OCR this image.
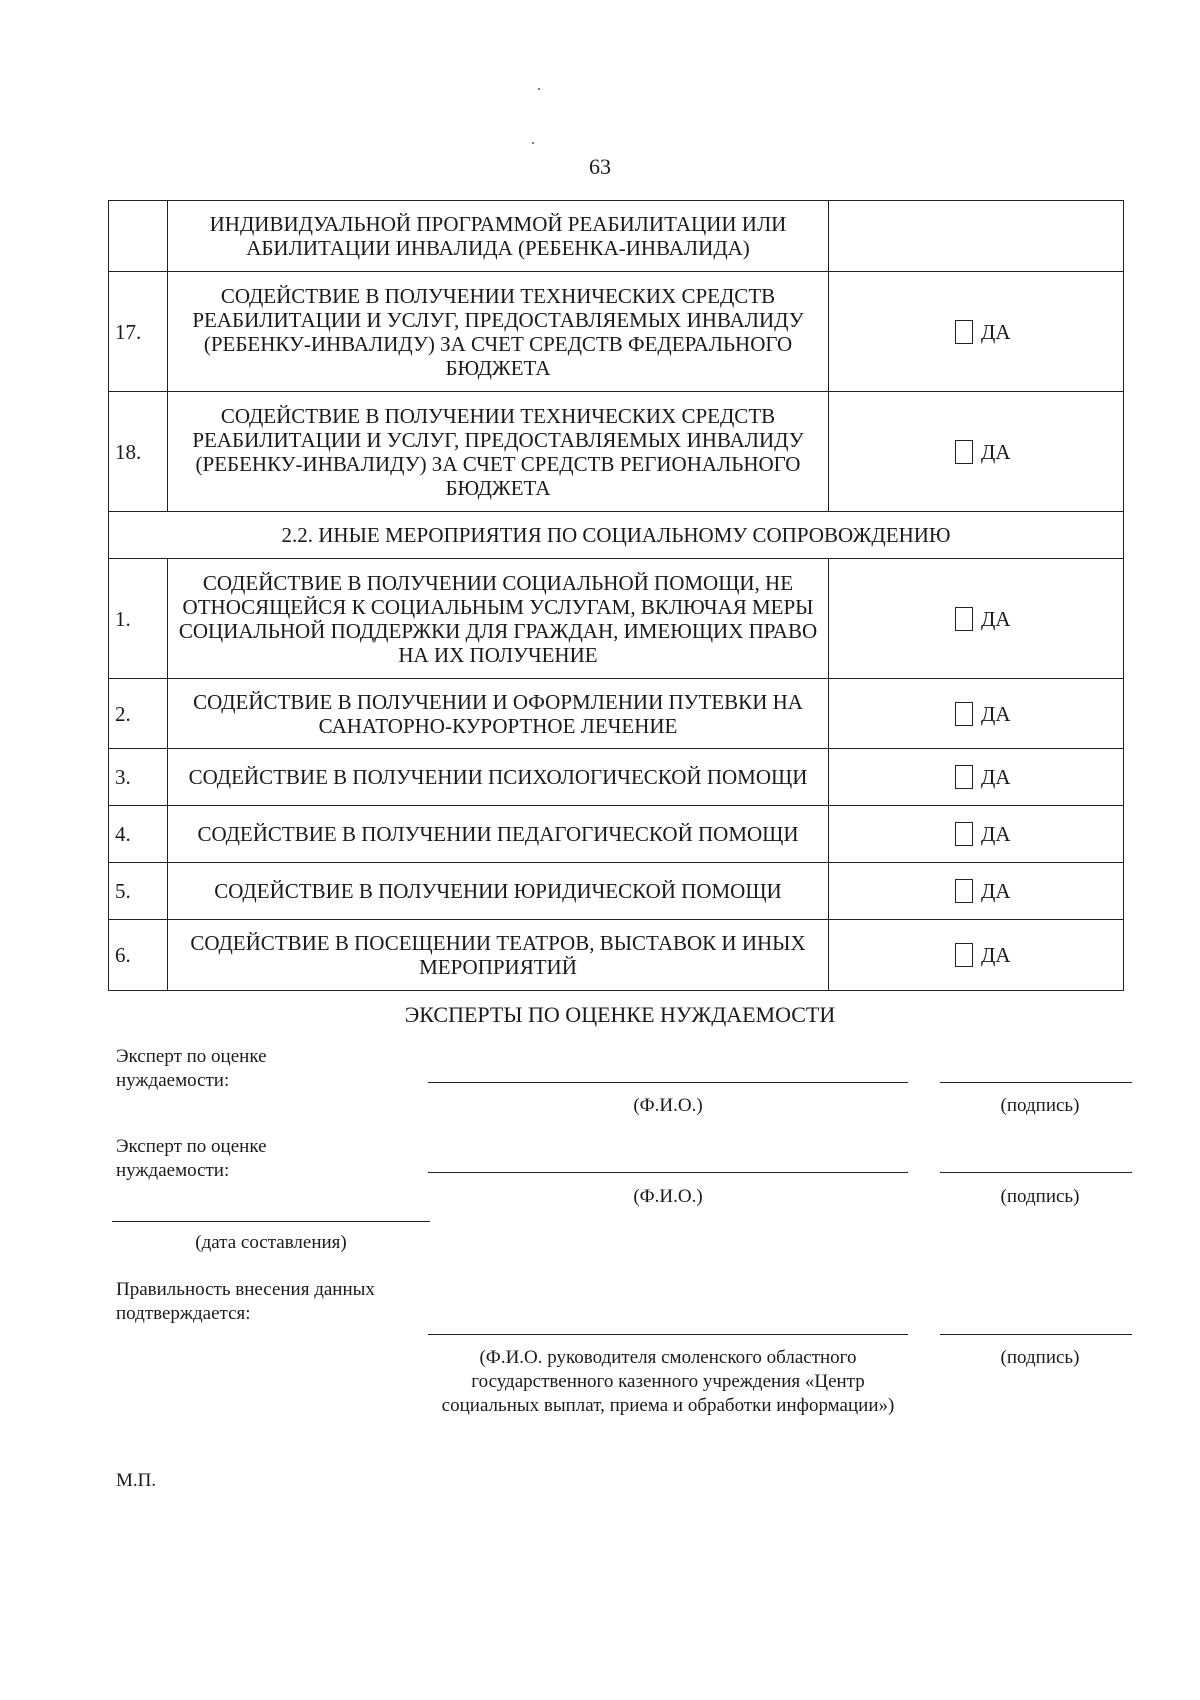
63
	ИНДИВИДУАЛЬНОЙ ПРОГРАММОЙ РЕАБИЛИТАЦИИ ИЛИ АБИЛИТАЦИИ ИНВАЛИДА (РЕБЕНКА-ИНВАЛИДА)	
17.	СОДЕЙСТВИЕ В ПОЛУЧЕНИИ ТЕХНИЧЕСКИХ СРЕДСТВ РЕАБИЛИТАЦИИ И УСЛУГ, ПРЕДОСТАВЛЯЕМЫХ ИНВАЛИДУ (РЕБЕНКУ-ИНВАЛИДУ) ЗА СЧЕТ СРЕДСТВ ФЕДЕРАЛЬНОГО БЮДЖЕТА	ДА

18.	СОДЕЙСТВИЕ В ПОЛУЧЕНИИ ТЕХНИЧЕСКИХ СРЕДСТВ РЕАБИЛИТАЦИИ И УСЛУГ, ПРЕДОСТАВЛЯЕМЫХ ИНВАЛИДУ (РЕБЕНКУ-ИНВАЛИДУ) ЗА СЧЕТ СРЕДСТВ РЕГИОНАЛЬНОГО БЮДЖЕТА	ДА

2.2. ИНЫЕ МЕРОПРИЯТИЯ ПО СОЦИАЛЬНОМУ СОПРОВОЖДЕНИЮ		
1.	СОДЕЙСТВИЕ В ПОЛУЧЕНИИ СОЦИАЛЬНОЙ ПОМОЩИ, НЕ ОТНОСЯЩЕЙСЯ К СОЦИАЛЬНЫМ УСЛУГАМ, ВКЛЮЧАЯ МЕРЫ СОЦИАЛЬНОЙ ПОДДЕРЖКИ ДЛЯ ГРАЖДАН, ИМЕЮЩИХ ПРАВО НА ИХ ПОЛУЧЕНИЕ	ДА

2.	СОДЕЙСТВИЕ В ПОЛУЧЕНИИ И ОФОРМЛЕНИИ ПУТЕВКИ НА САНАТОРНО-КУРОРТНОЕ ЛЕЧЕНИЕ	ДА

3.	СОДЕЙСТВИЕ В ПОЛУЧЕНИИ ПСИХОЛОГИЧЕСКОЙ ПОМОЩИ	ДА

4.	СОДЕЙСТВИЕ В ПОЛУЧЕНИИ ПЕДАГОГИЧЕСКОЙ ПОМОЩИ	ДА

5.	СОДЕЙСТВИЕ В ПОЛУЧЕНИИ ЮРИДИЧЕСКОЙ ПОМОЩИ	ДА

6.	СОДЕЙСТВИЕ В ПОСЕЩЕНИИ ТЕАТРОВ, ВЫСТАВОК И ИНЫХ МЕРОПРИЯТИЙ	ДА
ЭКСПЕРТЫ ПО ОЦЕНКЕ НУЖДАЕМОСТИ
Эксперт по оценке нуждаемости:
(Ф.И.О.)	(подпись)
Эксперт по оценке нуждаемости:
(Ф.И.О.)	(подпись)
(дата составления)
Правильность внесения данных подтверждается:
(Ф.И.О. руководителя смоленского областного государственного казенного учреждения «Центр социальных выплат, приема и обработки информации»)
(подпись)
М.П.
